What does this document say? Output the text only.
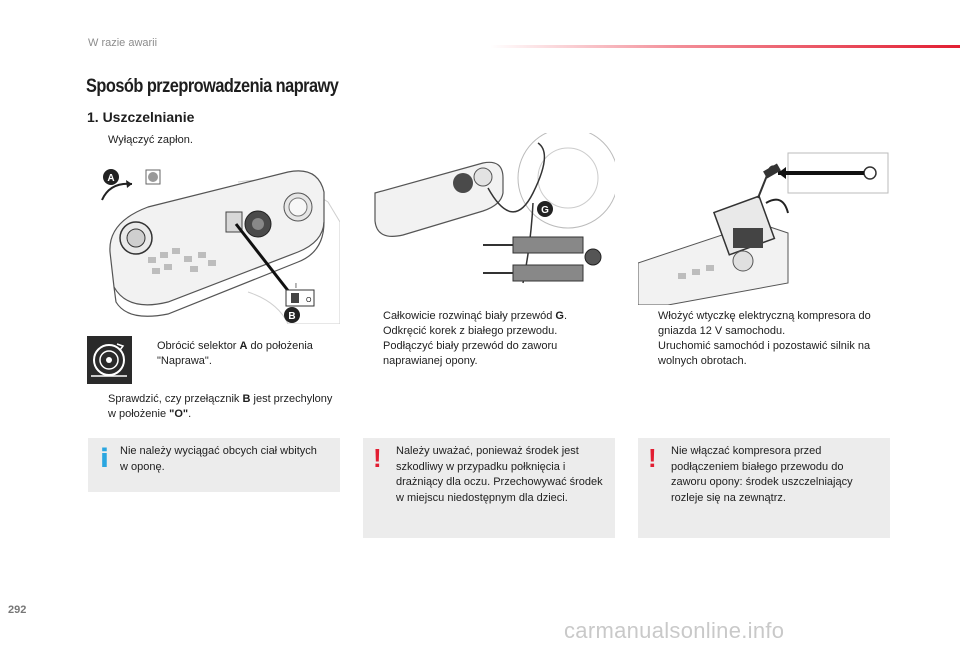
W razie awarii
Sposób przeprowadzenia naprawy
1. Uszczelnianie
Wyłączyć zapłon.
O
I
A
B
Obrócić selektor A do położenia "Naprawa".
Sprawdzić, czy przełącznik B jest przechylony w położenie "O".
G
Całkowicie rozwinąć biały przewód G.
Odkręcić korek z białego przewodu.
Podłączyć biały przewód do zaworu naprawianej opony.
Włożyć wtyczkę elektryczną kompresora do gniazda 12 V samochodu.
Uruchomić samochód i pozostawić silnik na wolnych obrotach.
i Nie należy wyciągać obcych ciał wbitych w oponę.	! Należy uważać, ponieważ środek jest szkodliwy w przypadku połknięcia i drażniący dla oczu. Przechowywać środek w miejscu niedostępnym dla dzieci.
! Nie włączać kompresora przed podłączeniem białego przewodu do zaworu opony: środek uszczelniający rozleje się na zewnątrz.
292
carmanualsonline.info
